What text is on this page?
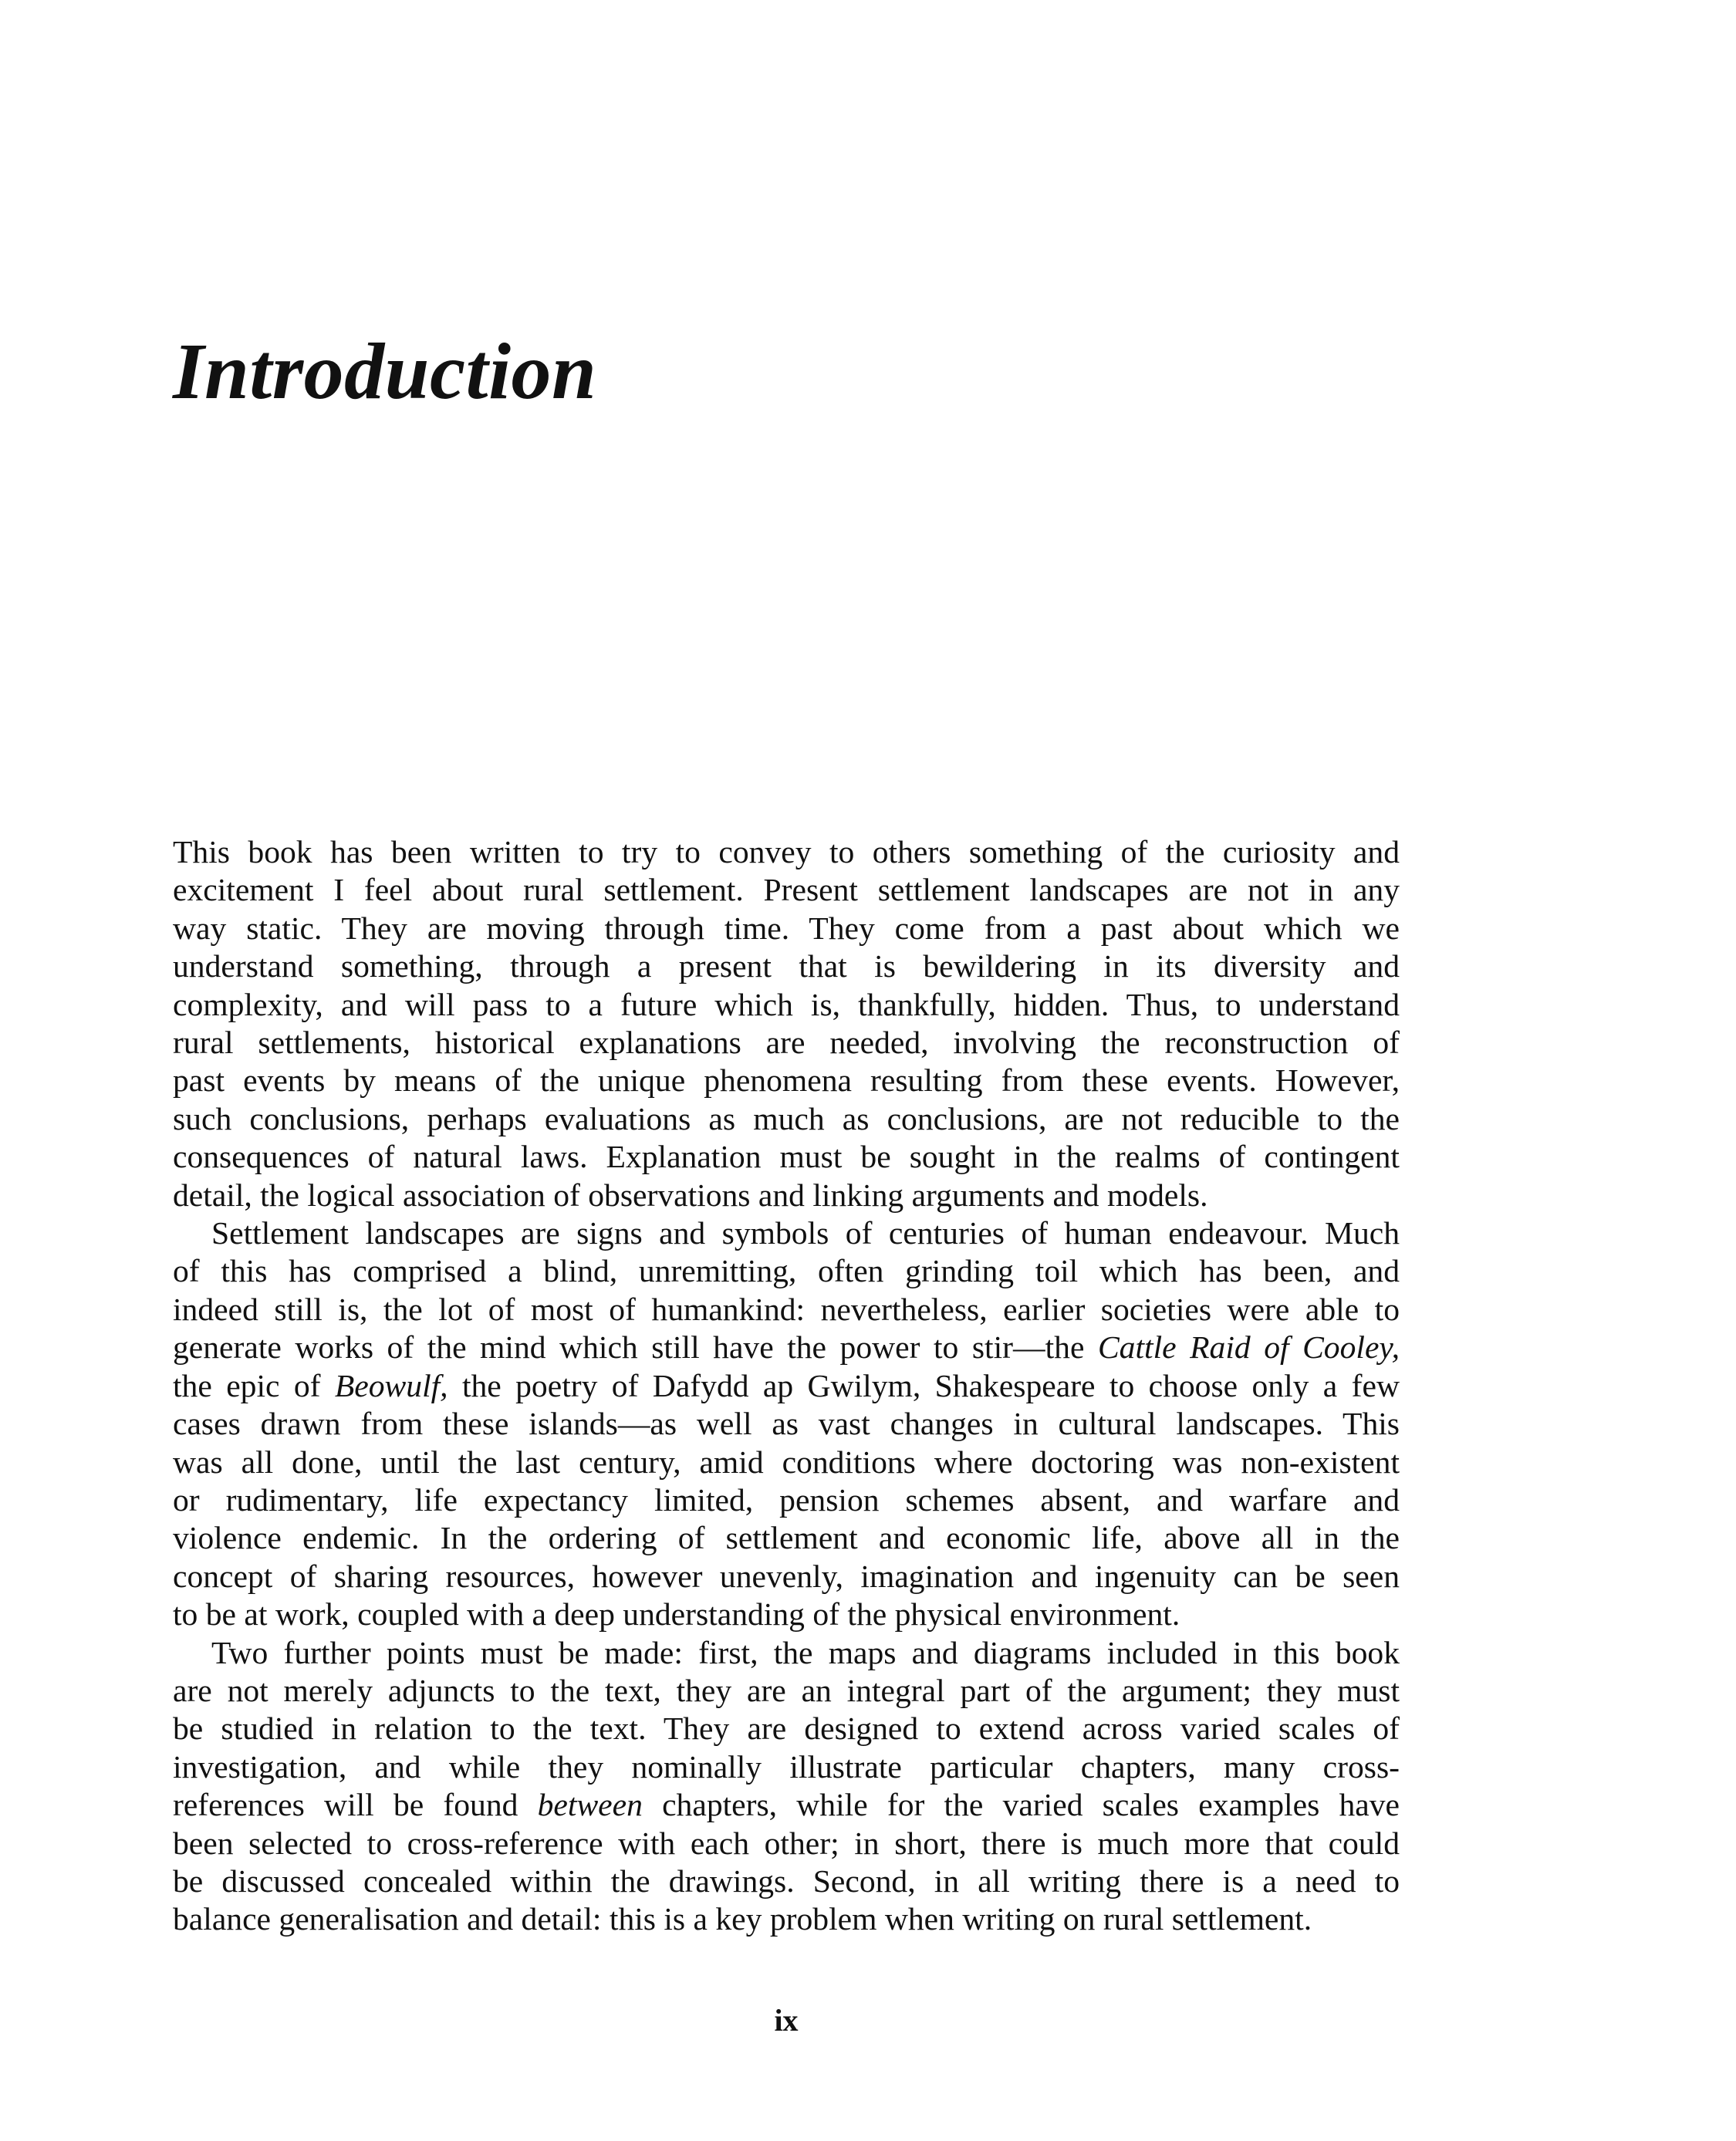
Introduction

This book has been written to try to convey to others something of the curiosity and
excitement I feel about rural settlement. Present settlement landscapes are not in any
way static. They are moving through time. They come from a past about which we
understand something, through a present that is bewildering in its diversity and
complexity, and will pass to a future which is, thankfully, hidden. Thus, to understand
rural settlements, historical explanations are needed, involving the reconstruction of
past events by means of the unique phenomena resulting from these events. However,
such conclusions, perhaps evaluations as much as conclusions, are not reducible to the
consequences of natural laws. Explanation must be sought in the realms of contingent
detail, the logical association of observations and linking arguments and models.

Settlement landscapes are signs and symbols of centuries of human endeavour. Much
of this has comprised a blind, unremitting, often grinding toil which has been, and
indeed still is, the lot of most of humankind: nevertheless, earlier societies were able to
generate works of the mind which still have the power to stir—the Cattle Raid of Cooley,
the epic of Beowulf, the poetry of Dafydd ap Gwilym, Shakespeare to choose only a few
cases drawn from these islands—as well as vast changes in cultural landscapes. This
was all done, until the last century, amid conditions where doctoring was non-existent
or rudimentary, life expectancy limited, pension schemes absent, and warfare and
violence endemic. In the ordering of settlement and economic life, above all in the
concept of sharing resources, however unevenly, imagination and ingenuity can be seen
to be at work, coupled with a deep understanding of the physical environment.

Two further points must be made: first, the maps and diagrams included in this book
are not merely adjuncts to the text, they are an integral part of the argument; they must
be studied in relation to the text. They are designed to extend across varied scales of
investigation, and while they nominally illustrate particular chapters, many cross-
references will be found between chapters, while for the varied scales examples have
been selected to cross-reference with each other; in short, there is much more that could
be discussed concealed within the drawings. Second, in all writing there is a need to
balance generalisation and detail: this is a key problem when writing on rural settlement.

ix
